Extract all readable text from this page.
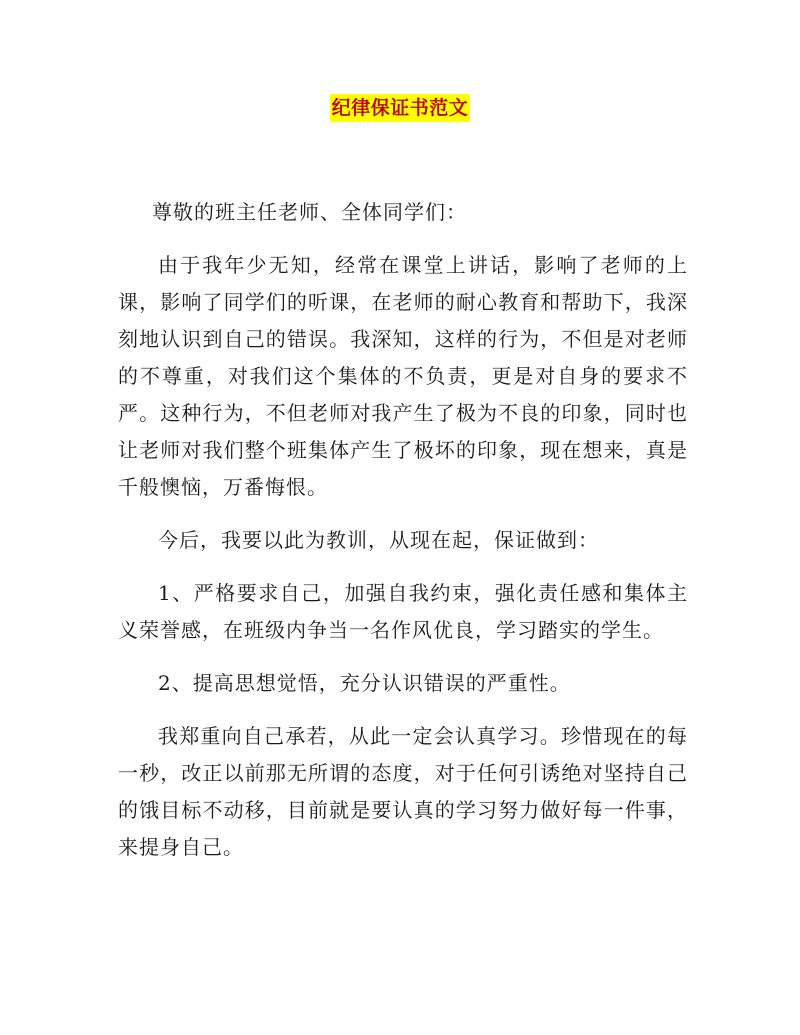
纪律保证书范文

尊敬的班主任老师、全体同学们：

由于我年少无知，经常在课堂上讲话，影响了老师的上课，影响了同学们的听课，在老师的耐心教育和帮助下，我深刻地认识到自己的错误。我深知，这样的行为，不但是对老师的不尊重，对我们这个集体的不负责，更是对自身的要求不严。这种行为，不但老师对我产生了极为不良的印象，同时也让老师对我们整个班集体产生了极坏的印象，现在想来，真是千般懊恼，万番悔恨。

今后，我要以此为教训，从现在起，保证做到：

1、严格要求自己，加强自我约束，强化责任感和集体主义荣誉感，在班级内争当一名作风优良，学习踏实的学生。

2、提高思想觉悟，充分认识错误的严重性。

我郑重向自己承若，从此一定会认真学习。珍惜现在的每一秒，改正以前那无所谓的态度，对于任何引诱绝对坚持自己的饿目标不动移，目前就是要认真的学习努力做好每一件事，来提身自己。
